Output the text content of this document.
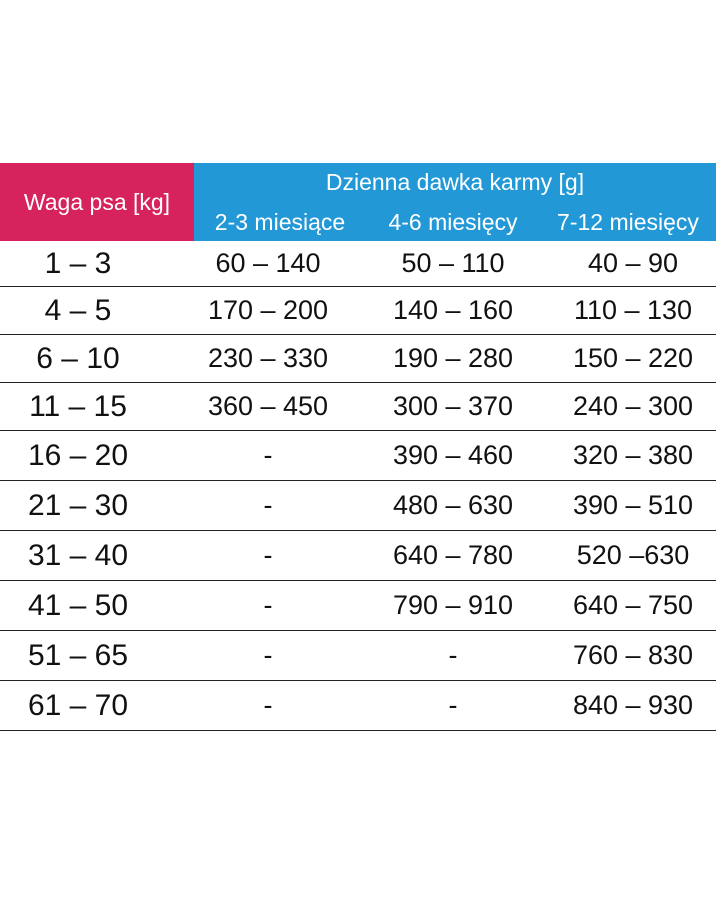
Waga psa [kg]
Dzienna dawka karmy [g]
2-3 miesiące	4-6 miesięcy	7-12 miesięcy
1 – 3	60 – 140	50 – 110	40 – 90
4 – 5	170 – 200	140 – 160	110 – 130
6 – 10	230 – 330	190 – 280	150 – 220
11 – 15	360 – 450	300 – 370	240 – 300
16 – 20	-	390 – 460	320 – 380
21 – 30	-	480 – 630	390 – 510
31 – 40	-	640 – 780	520 –630
41 – 50	-	790 – 910	640 – 750
51 – 65	-	-	760 – 830
61 – 70	-	-	840 – 930
